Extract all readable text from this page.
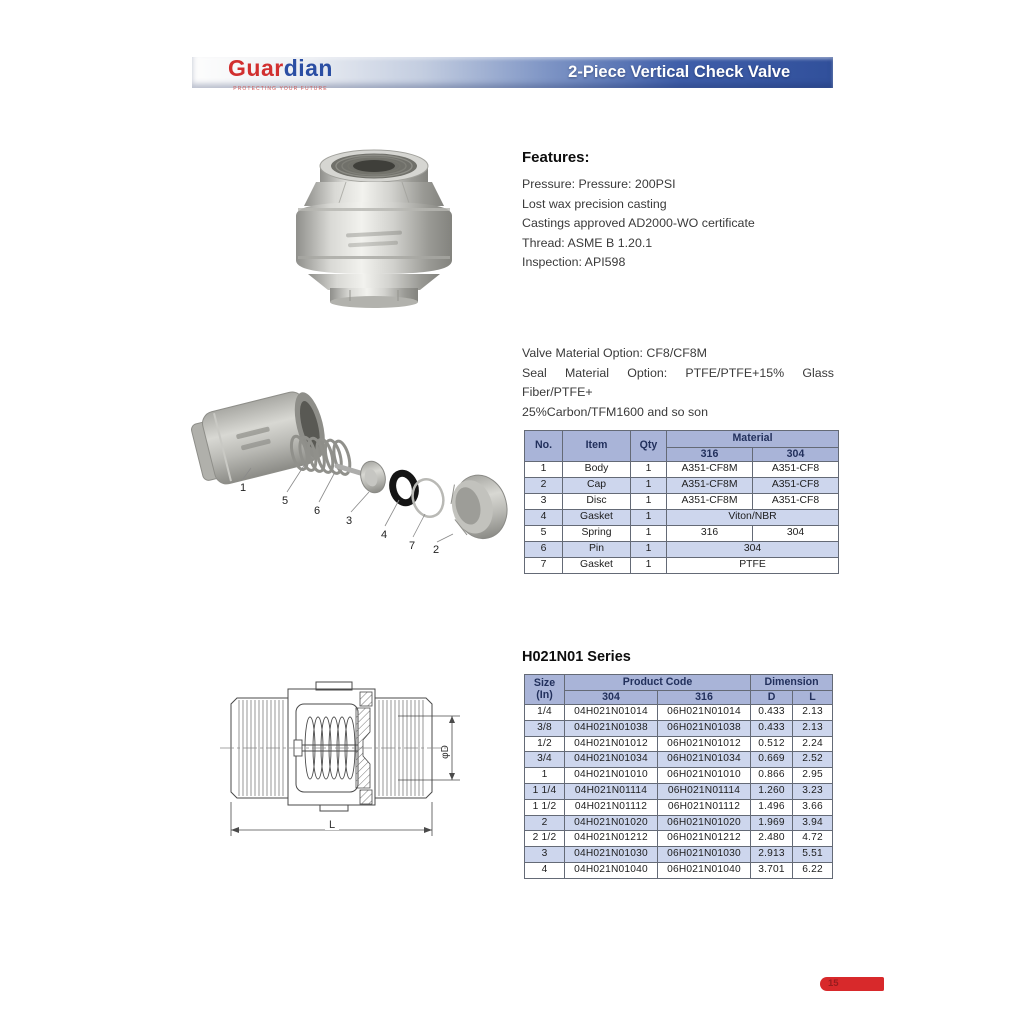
Guardian
PROTECTING YOUR FUTURE
2-Piece Vertical Check Valve
Features:
Pressure: Pressure: 200PSI
Lost wax precision casting
Castings approved AD2000-WO certificate
Thread: ASME B 1.20.1
Inspection: API598
Valve Material Option: CF8/CF8M
Seal Material Option: PTFE/PTFE+15% Glass Fiber/PTFE+
25%Carbon/TFM1600 and so son
1
5
6
3
4
7 2
No.	Item	Qty	Material	
			316	304
1	Body	1	A351-CF8M	A351-CF8
2	Cap	1	A351-CF8M	A351-CF8
3	Disc	1	A351-CF8M	A351-CF8
4	Gasket	1	Viton/NBR	
5	Spring	1	316	304
6	Pin	1	304	
7	Gasket	1	PTFE	
H021N01 Series
Size
(In)	Product Code		Dimension	
	304	316	D	L
1/4	04H021N01014	06H021N01014	0.433	2.13
3/8	04H021N01038	06H021N01038	0.433	2.13
1/2	04H021N01012	06H021N01012	0.512	2.24
3/4	04H021N01034	06H021N01034	0.669	2.52
1	04H021N01010	06H021N01010	0.866	2.95
1 1/4	04H021N01114	06H021N01114	1.260	3.23
1 1/2	04H021N01112	06H021N01112	1.496	3.66
2	04H021N01020	06H021N01020	1.969	3.94
2 1/2	04H021N01212	06H021N01212	2.480	4.72
3	04H021N01030	06H021N01030	2.913	5.51
4	04H021N01040	06H021N01040	3.701	6.22
φD
L
15
